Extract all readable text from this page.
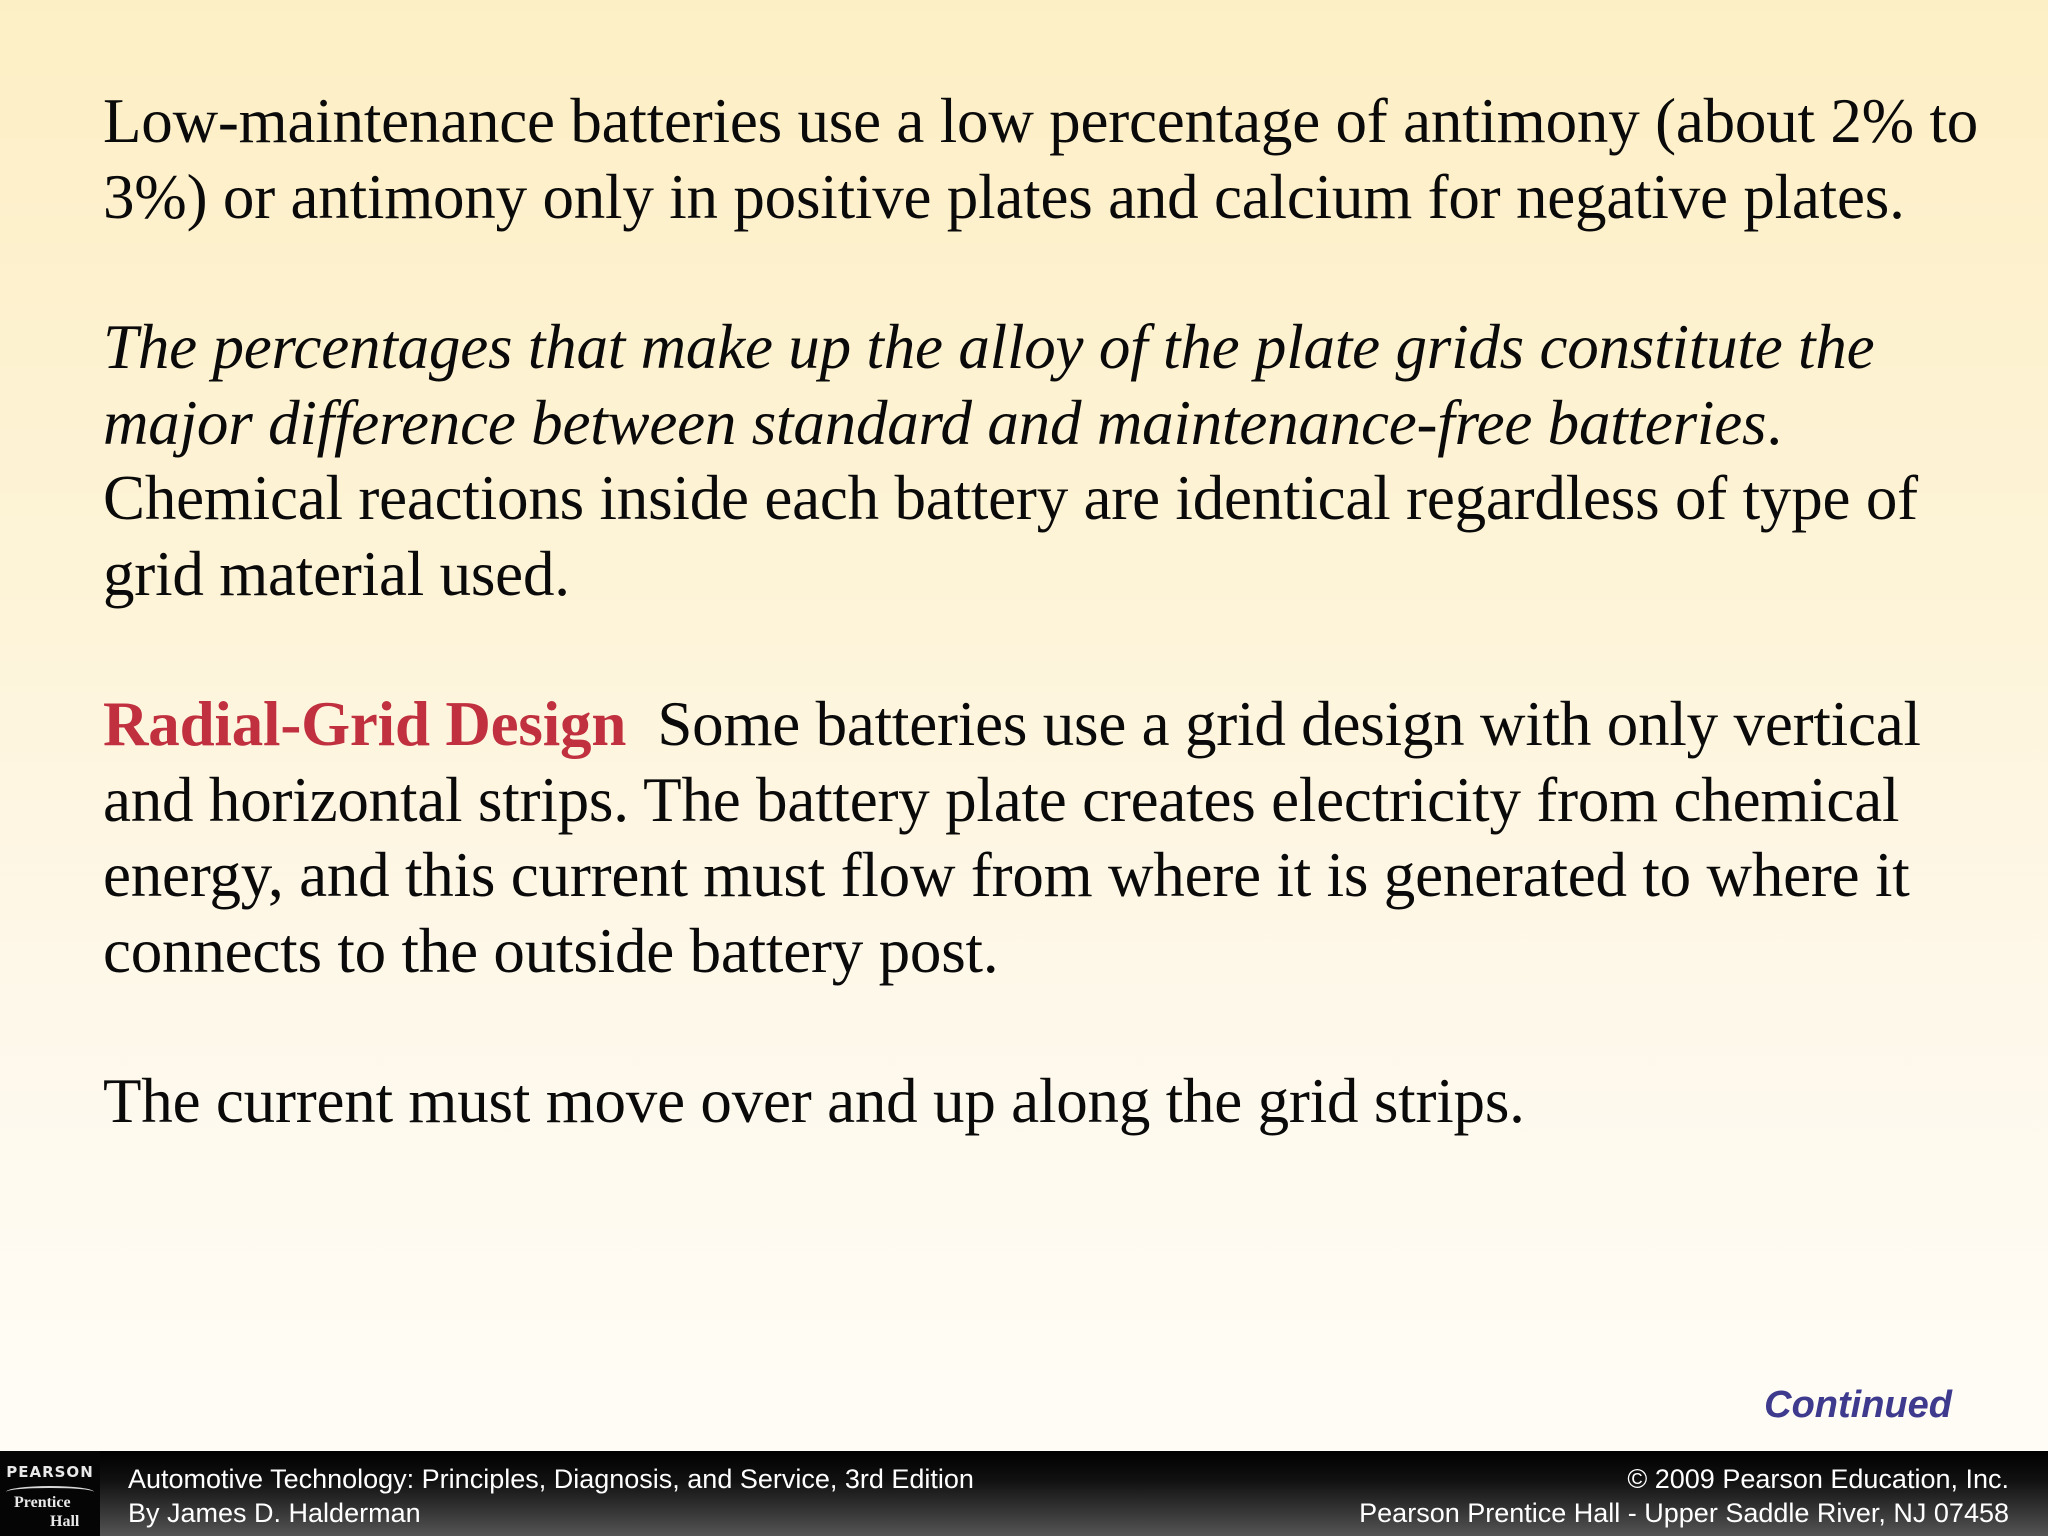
Low-maintenance batteries use a low percentage of antimony (about 2% to 3%) or antimony only in positive plates and calcium for negative plates.

The percentages that make up the alloy of the plate grids constitute the major difference between standard and maintenance-free batteries. Chemical reactions inside each battery are identical regardless of type of grid material used.

Radial-Grid Design Some batteries use a grid design with only vertical and horizontal strips. The battery plate creates electricity from chemical energy, and this current must flow from where it is generated to where it connects to the outside battery post.

The current must move over and up along the grid strips.

Continued
PEARSON
Prentice
Hall
Automotive Technology: Principles, Diagnosis, and Service, 3rd Edition
By James D. Halderman
© 2009 Pearson Education, Inc.
Pearson Prentice Hall - Upper Saddle River, NJ 07458
